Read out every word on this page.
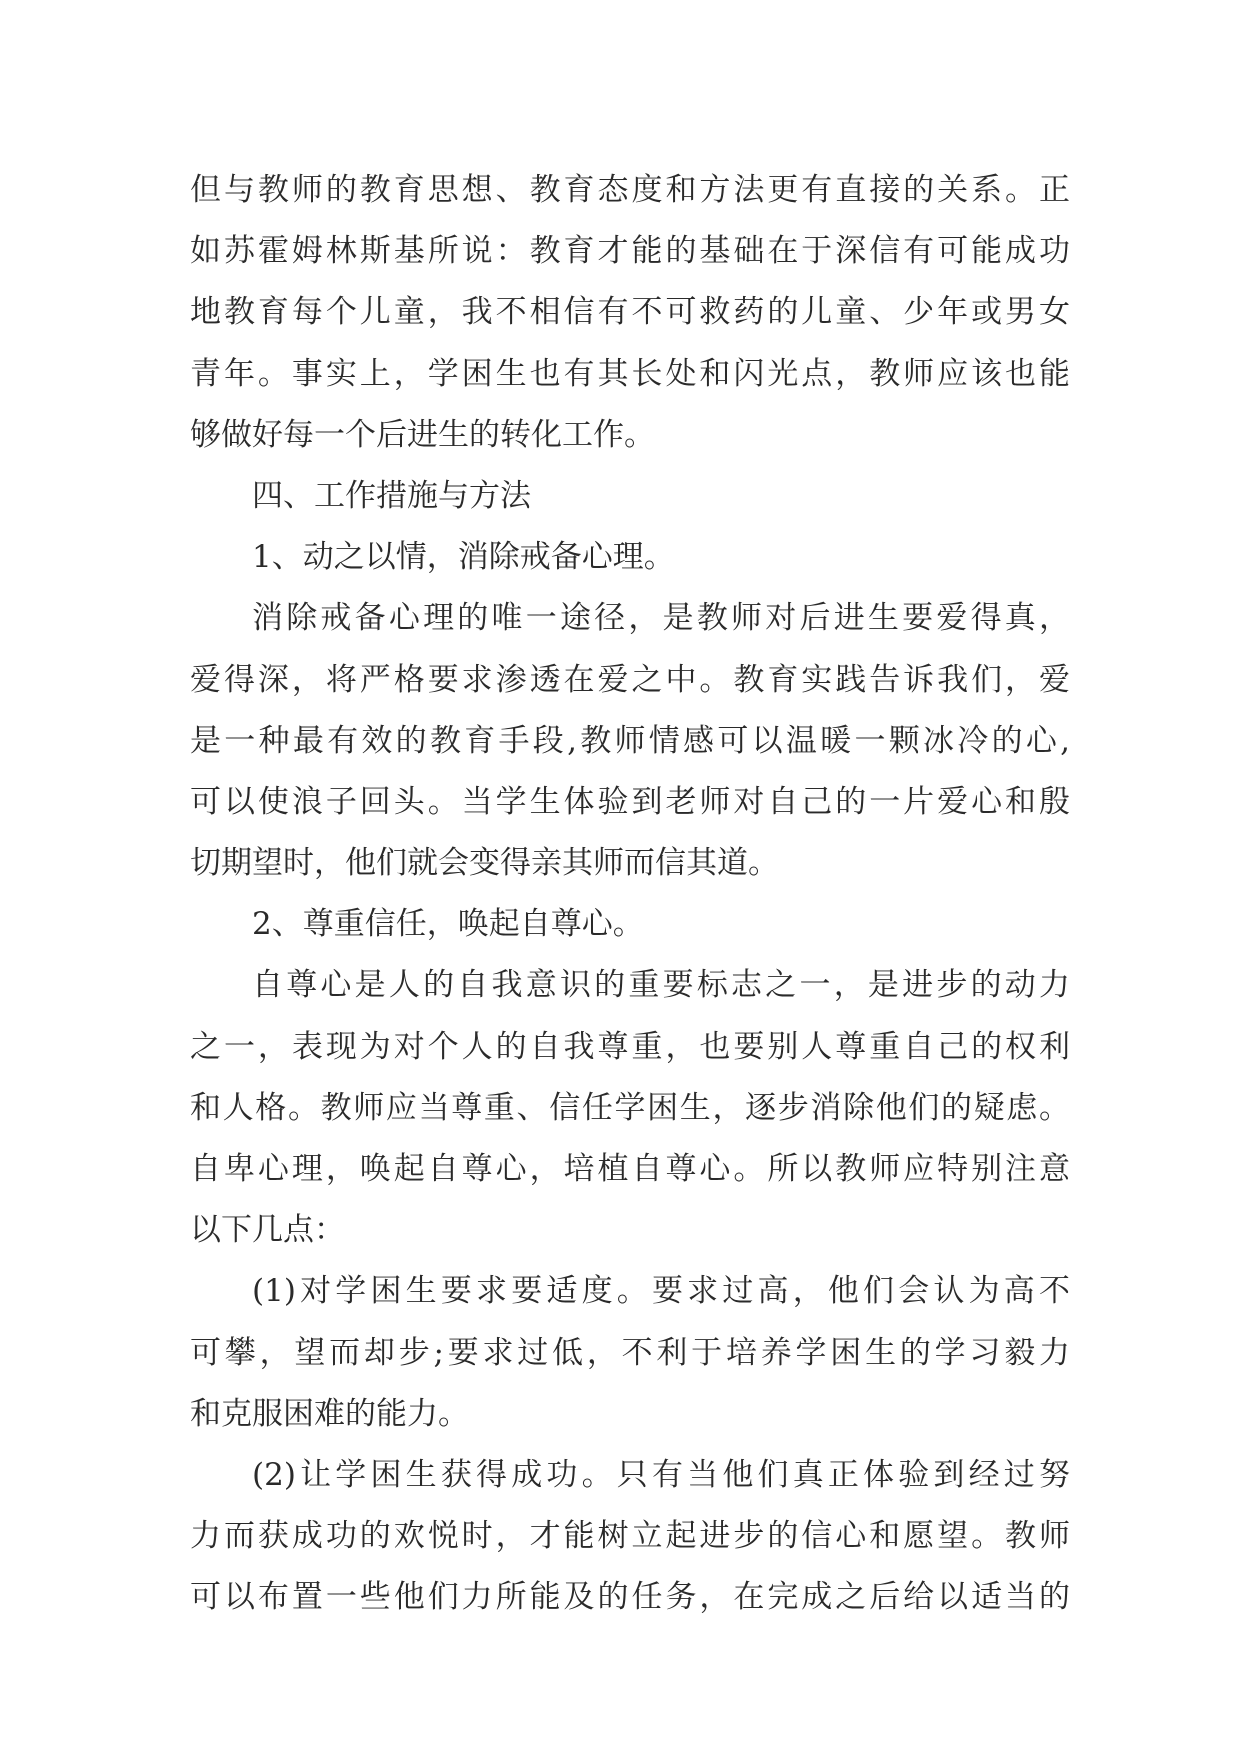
但与教师的教育思想、教育态度和方法更有直接的关系。正
如苏霍姆林斯基所说：教育才能的基础在于深信有可能成功
地教育每个儿童，我不相信有不可救药的儿童、少年或男女
青年。事实上，学困生也有其长处和闪光点，教师应该也能
够做好每一个后进生的转化工作。
四、工作措施与方法
1、动之以情，消除戒备心理。
消除戒备心理的唯一途径，是教师对后进生要爱得真，
爱得深，将严格要求渗透在爱之中。教育实践告诉我们，爱
是一种最有效的教育手段,教师情感可以温暖一颗冰冷的心,
可以使浪子回头。当学生体验到老师对自己的一片爱心和殷
切期望时，他们就会变得亲其师而信其道。
2、尊重信任，唤起自尊心。
自尊心是人的自我意识的重要标志之一，是进步的动力
之一，表现为对个人的自我尊重，也要别人尊重自己的权利
和人格。教师应当尊重、信任学困生，逐步消除他们的疑虑。
自卑心理，唤起自尊心，培植自尊心。所以教师应特别注意
以下几点：
(1)对学困生要求要适度。要求过高，他们会认为高不
可攀，望而却步;要求过低，不利于培养学困生的学习毅力
和克服困难的能力。
(2)让学困生获得成功。只有当他们真正体验到经过努
力而获成功的欢悦时，才能树立起进步的信心和愿望。教师
可以布置一些他们力所能及的任务，在完成之后给以适当的
